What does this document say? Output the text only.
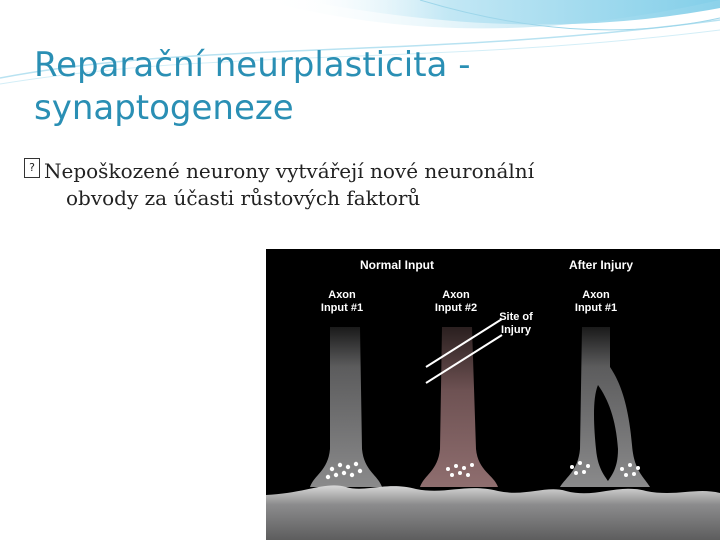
Reparační neurplasticita -
synaptogeneze

? Nepoškozené neurony vytvářejí nové neuronální
obvody za účasti růstových faktorů

Normal Input	After Injury
Axon
Input #1
Axon
Input #2
Site of
Injury
Axon
Input #1
